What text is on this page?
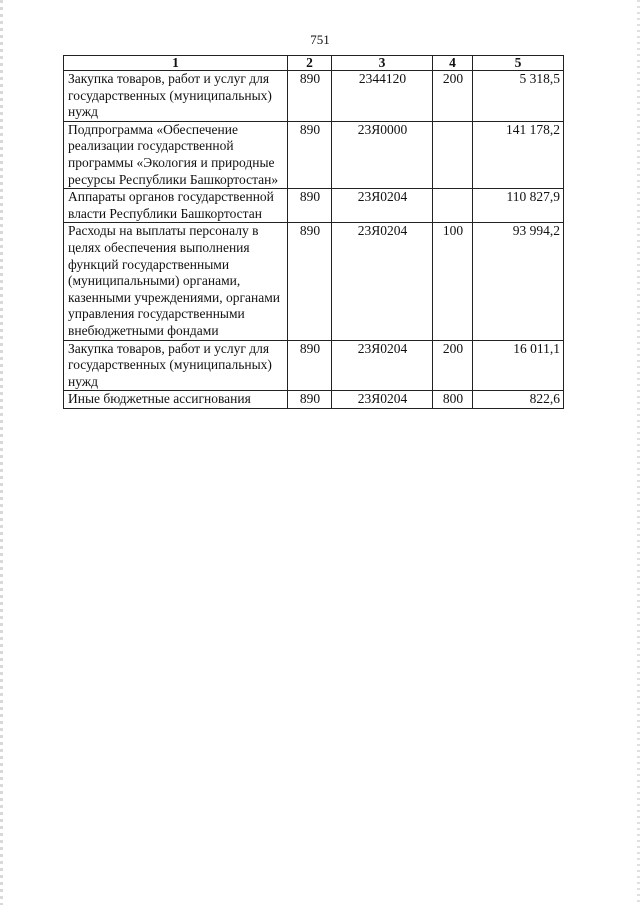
751
1	2	3	4	5
Закупка товаров, работ и услуг для государственных (муниципальных) нужд	890	2344120	200	5 318,5
Подпрограмма «Обеспечение реализации государственной программы «Экология и природные ресурсы Республики Башкортостан»	890	23Я0000		141 178,2
Аппараты органов государственной власти Республики Башкортостан	890	23Я0204		110 827,9
Расходы на выплаты персоналу в целях обеспечения выполнения функций государственными (муниципальными) органами, казенными учреждениями, органами управления государственными внебюджетными фондами	890	23Я0204	100	93 994,2
Закупка товаров, работ и услуг для государственных (муниципальных) нужд	890	23Я0204	200	16 011,1
Иные бюджетные ассигнования	890	23Я0204	800	822,6
